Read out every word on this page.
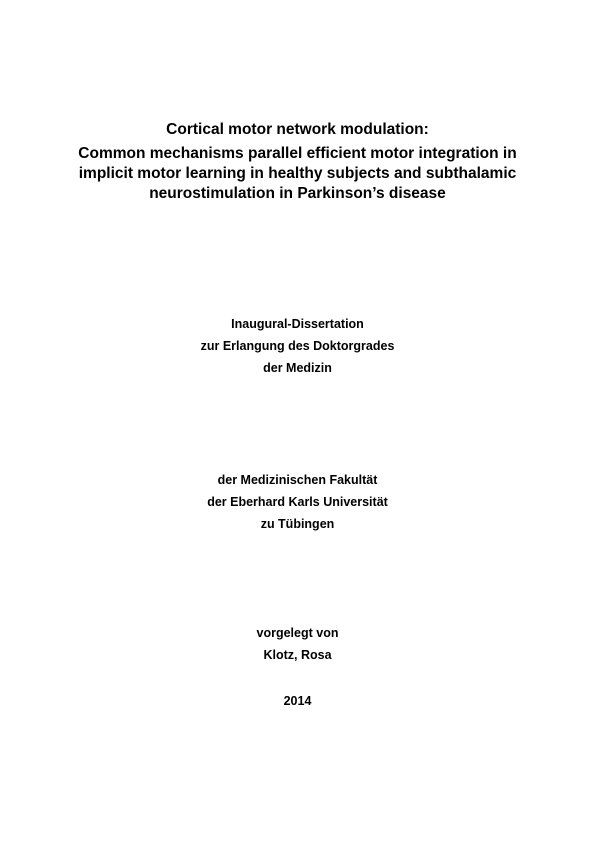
Cortical motor network modulation:
Common mechanisms parallel efficient motor integration in
implicit motor learning in healthy subjects and subthalamic
neurostimulation in Parkinson’s disease
Inaugural-Dissertation
zur Erlangung des Doktorgrades
der Medizin
der Medizinischen Fakultät
der Eberhard Karls Universität
zu Tübingen
vorgelegt von
Klotz, Rosa
2014
